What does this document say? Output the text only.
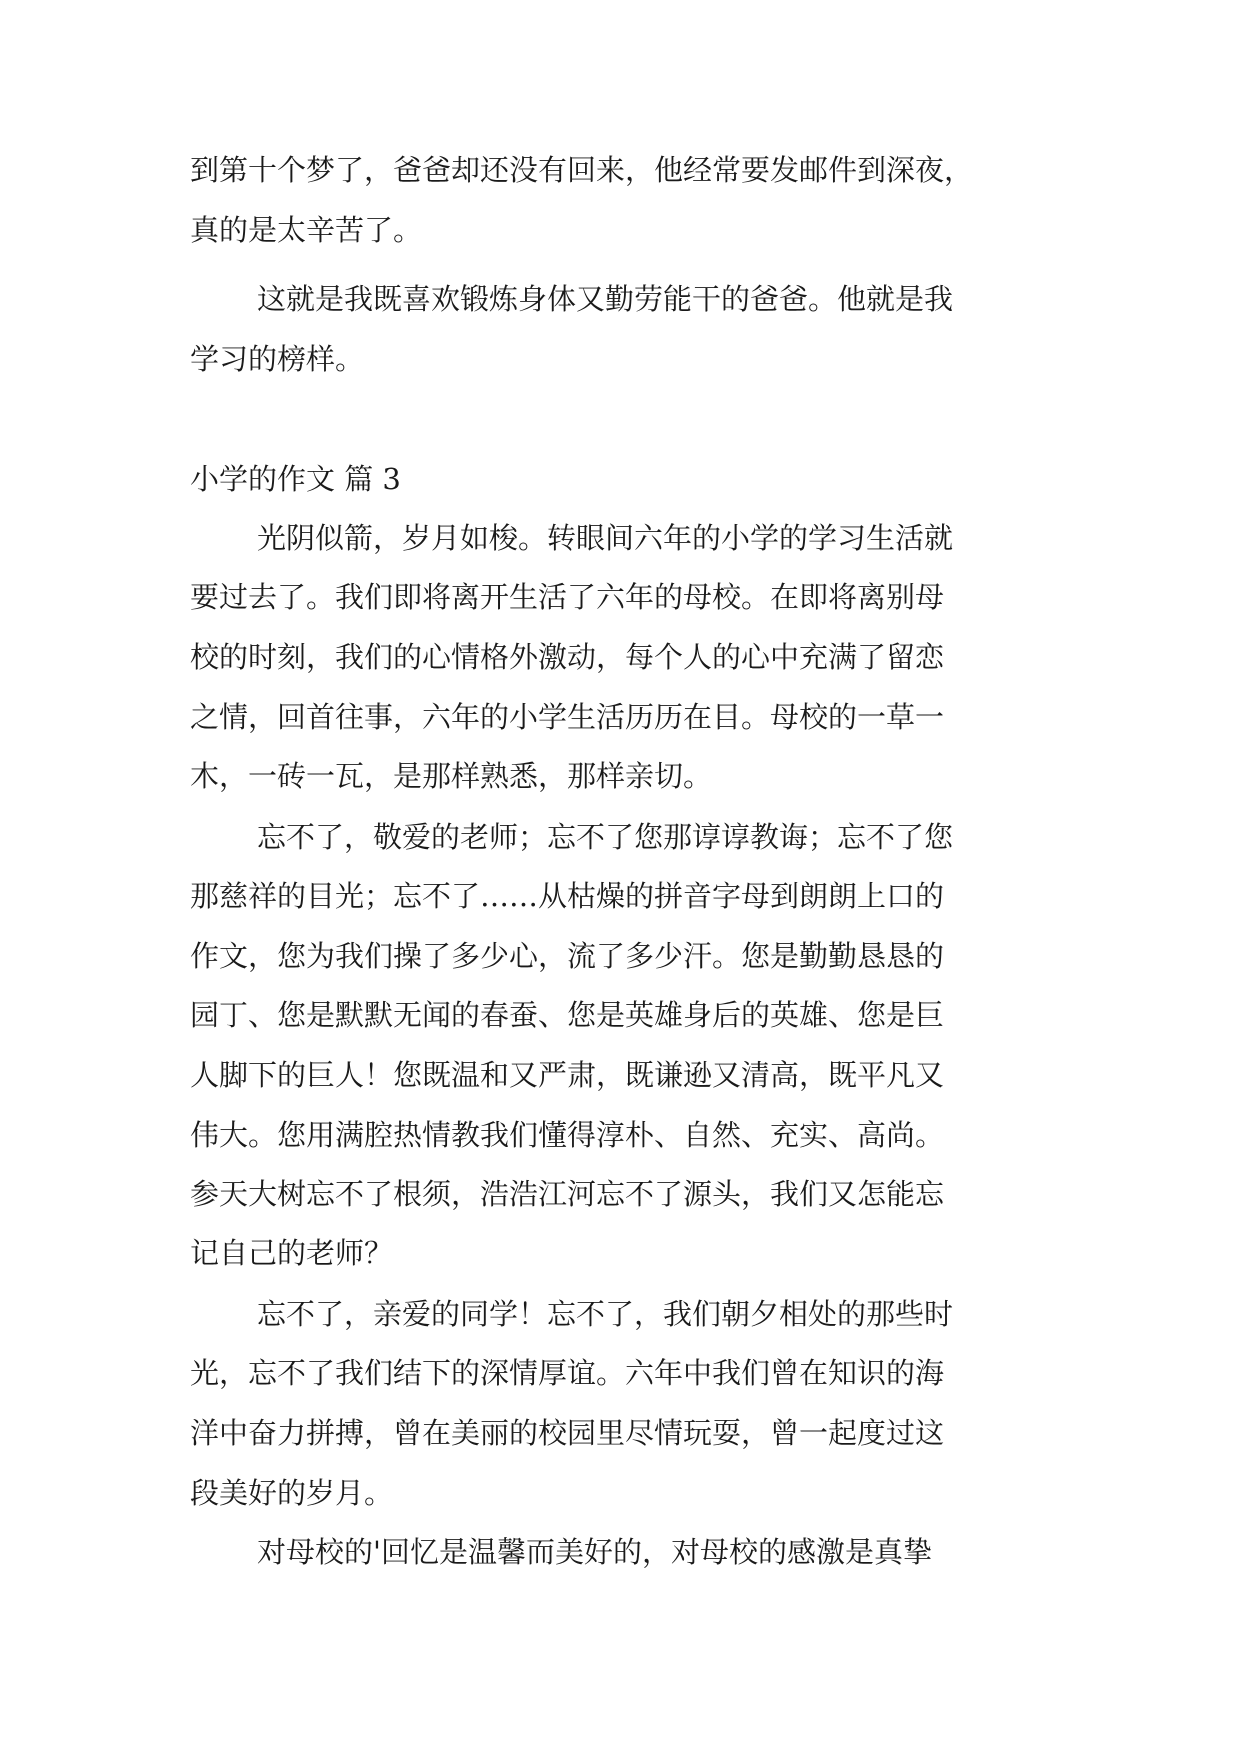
到第十个梦了，爸爸却还没有回来，他经常要发邮件到深夜，

真的是太辛苦了。

这就是我既喜欢锻炼身体又勤劳能干的爸爸。他就是我

学习的榜样。

小学的作文 篇 3

光阴似箭，岁月如梭。转眼间六年的小学的学习生活就

要过去了。我们即将离开生活了六年的母校。在即将离别母

校的时刻，我们的心情格外激动，每个人的心中充满了留恋

之情，回首往事，六年的小学生活历历在目。母校的一草一

木，一砖一瓦，是那样熟悉，那样亲切。

忘不了，敬爱的老师；忘不了您那谆谆教诲；忘不了您

那慈祥的目光；忘不了……从枯燥的拼音字母到朗朗上口的

作文，您为我们操了多少心，流了多少汗。您是勤勤恳恳的

园丁、您是默默无闻的春蚕、您是英雄身后的英雄、您是巨

人脚下的巨人！您既温和又严肃，既谦逊又清高，既平凡又

伟大。您用满腔热情教我们懂得淳朴、自然、充实、高尚。

参天大树忘不了根须，浩浩江河忘不了源头，我们又怎能忘

记自己的老师？

忘不了，亲爱的同学！忘不了，我们朝夕相处的那些时

光，忘不了我们结下的深情厚谊。六年中我们曾在知识的海

洋中奋力拼搏，曾在美丽的校园里尽情玩耍，曾一起度过这

段美好的岁月。

对母校的'回忆是温馨而美好的，对母校的感激是真挚
